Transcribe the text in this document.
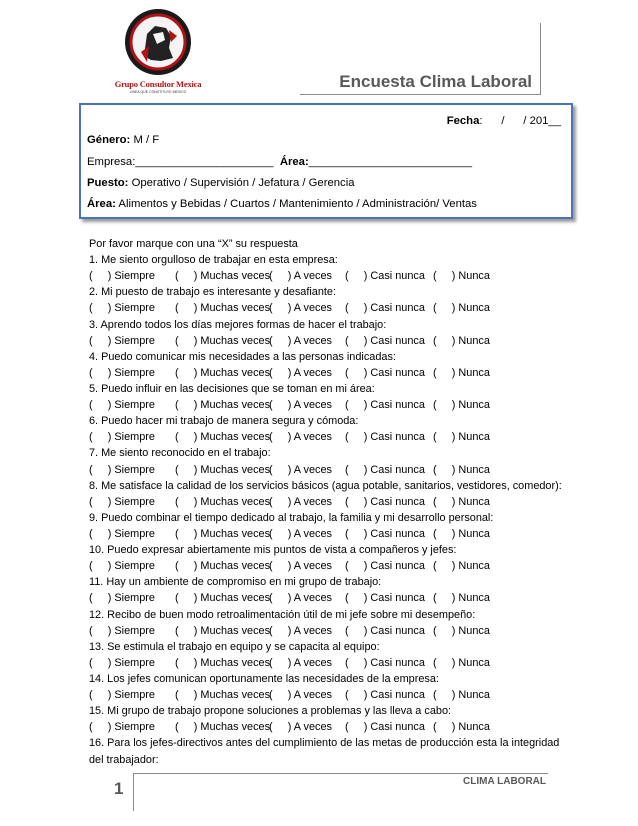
Grupo Consultor Mexica
LINEA QUE CONSTITUYE MEXICO
Encuesta Clima Laboral
Fecha:      /      / 201__
Género: M / F
Empresa:______________________  Área:__________________________
Puesto: Operativo / Supervisión / Jefatura / Gerencia
Área: Alimentos y Bebidas / Cuartos / Mantenimiento / Administración/ Ventas
Por favor marque con una “X” su respuesta
1. Me siento orgulloso de trabajar en esta empresa:
(     ) Siempre	(     ) Muchas veces
(     ) A veces	(     ) Casi nunca (     ) Nunca
2. Mi puesto de trabajo es interesante y desafiante:
(     ) Siempre	(     ) Muchas veces
(     ) A veces	(     ) Casi nunca (     ) Nunca
3. Aprendo todos los días mejores formas de hacer el trabajo:
(     ) Siempre	(     ) Muchas veces
(     ) A veces	(     ) Casi nunca (     ) Nunca
4. Puedo comunicar mis necesidades a las personas indicadas:
(     ) Siempre	(     ) Muchas veces
(     ) A veces	(     ) Casi nunca (     ) Nunca
5. Puedo influir en las decisiones que se toman en mi área:
(     ) Siempre	(     ) Muchas veces
(     ) A veces	(     ) Casi nunca (     ) Nunca
6. Puedo hacer mi trabajo de manera segura y cómoda:
(     ) Siempre	(     ) Muchas veces
(     ) A veces	(     ) Casi nunca (     ) Nunca
7. Me siento reconocido en el trabajo:
(     ) Siempre	(     ) Muchas veces
(     ) A veces	(     ) Casi nunca (     ) Nunca
8. Me satisface la calidad de los servicios básicos (agua potable, sanitarios, vestidores, comedor):
(     ) Siempre	(     ) Muchas veces
(     ) A veces	(     ) Casi nunca (     ) Nunca
9. Puedo combinar el tiempo dedicado al trabajo, la familia y mi desarrollo personal:
(     ) Siempre	(     ) Muchas veces
(     ) A veces	(     ) Casi nunca (     ) Nunca
10. Puedo expresar abiertamente mis puntos de vista a compañeros y jefes:
(     ) Siempre	(     ) Muchas veces
(     ) A veces	(     ) Casi nunca (     ) Nunca
11. Hay un ambiente de compromiso en mi grupo de trabajo:
(     ) Siempre	(     ) Muchas veces
(     ) A veces	(     ) Casi nunca (     ) Nunca
12. Recibo de buen modo retroalimentación útil de mi jefe sobre mi desempeño:
(     ) Siempre	(     ) Muchas veces
(     ) A veces	(     ) Casi nunca (     ) Nunca
13. Se estimula el trabajo en equipo y se capacita al equipo:
(     ) Siempre	(     ) Muchas veces
(     ) A veces	(     ) Casi nunca (     ) Nunca
14. Los jefes comunican oportunamente las necesidades de la empresa:
(     ) Siempre	(     ) Muchas veces
(     ) A veces	(     ) Casi nunca (     ) Nunca
15. Mi grupo de trabajo propone soluciones a problemas y las lleva a cabo:
(     ) Siempre	(     ) Muchas veces
(     ) A veces	(     ) Casi nunca (     ) Nunca
16. Para los jefes-directivos antes del cumplimiento de las metas de producción esta la integridad
del trabajador:
1	CLIMA LABORAL
